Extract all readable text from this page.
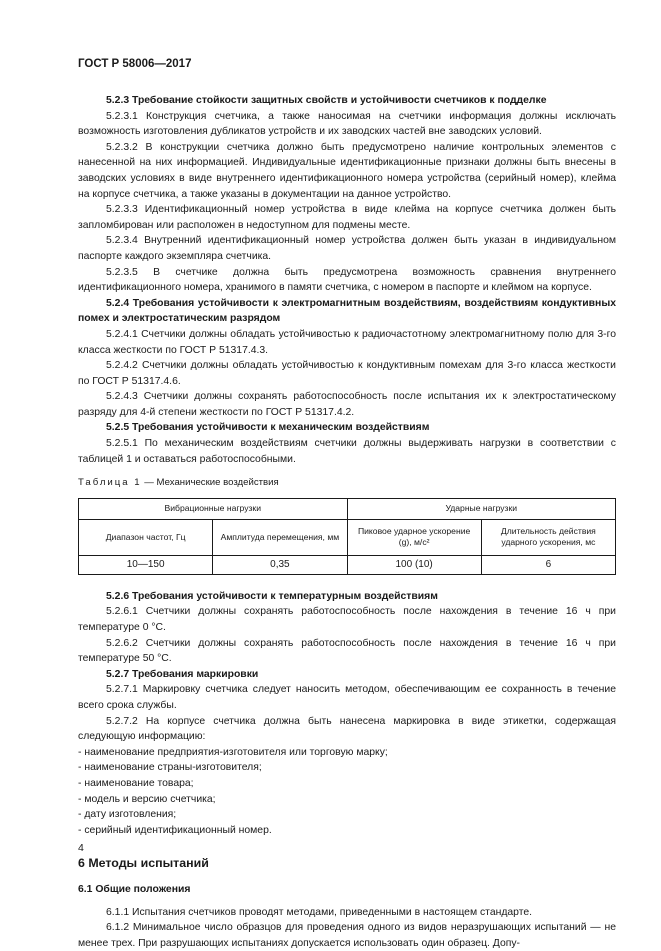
ГОСТ Р 58006—2017

5.2.3 Требование стойкости защитных свойств и устойчивости счетчиков к подделке

5.2.3.1 Конструкция счетчика, а также наносимая на счетчики информация должны исключать возможность изготовления дубликатов устройств и их заводских частей вне заводских условий.

5.2.3.2 В конструкции счетчика должно быть предусмотрено наличие контрольных элементов с нанесенной на них информацией. Индивидуальные идентификационные признаки должны быть внесены в заводских условиях в виде внутреннего идентификационного номера устройства (серийный номер), клейма на корпусе счетчика, а также указаны в документации на данное устройство.

5.2.3.3 Идентификационный номер устройства в виде клейма на корпусе счетчика должен быть запломбирован или расположен в недоступном для подмены месте.

5.2.3.4 Внутренний идентификационный номер устройства должен быть указан в индивидуальном паспорте каждого экземпляра счетчика.

5.2.3.5 В счетчике должна быть предусмотрена возможность сравнения внутреннего идентификационного номера, хранимого в памяти счетчика, с номером в паспорте и клеймом на корпусе.

5.2.4 Требования устойчивости к электромагнитным воздействиям, воздействиям кондуктивных помех и электростатическим разрядом

5.2.4.1 Счетчики должны обладать устойчивостью к радиочастотному электромагнитному полю для 3-го класса жесткости по ГОСТ Р 51317.4.3.

5.2.4.2 Счетчики должны обладать устойчивостью к кондуктивным помехам для 3-го класса жесткости по ГОСТ Р 51317.4.6.

5.2.4.3 Счетчики должны сохранять работоспособность после испытания их к электростатическому разряду для 4-й степени жесткости по ГОСТ Р 51317.4.2.

5.2.5 Требования устойчивости к механическим воздействиям

5.2.5.1 По механическим воздействиям счетчики должны выдерживать нагрузки в соответствии с таблицей 1 и оставаться работоспособными.

Таблица 1 — Механические воздействия
Вибрационные нагрузки		Ударные нагрузки	
Диапазон частот, Гц	Амплитуда перемещения, мм	Пиковое ударное ускорение (g), м/с²	Длительность действия ударного ускорения, мс
10—150	0,35	100 (10)	6

5.2.6 Требования устойчивости к температурным воздействиям

5.2.6.1 Счетчики должны сохранять работоспособность после нахождения в течение 16 ч при температуре 0 °С.

5.2.6.2 Счетчики должны сохранять работоспособность после нахождения в течение 16 ч при температуре 50 °С.

5.2.7 Требования маркировки

5.2.7.1 Маркировку счетчика следует наносить методом, обеспечивающим ее сохранность в течение всего срока службы.

5.2.7.2 На корпусе счетчика должна быть нанесена маркировка в виде этикетки, содержащая следующую информацию:

- наименование предприятия-изготовителя или торговую марку;

- наименование страны-изготовителя;

- наименование товара;

- модель и версию счетчика;

- дату изготовления;

- серийный идентификационный номер.

6 Методы испытаний
6.1 Общие положения

6.1.1 Испытания счетчиков проводят методами, приведенными в настоящем стандарте.

6.1.2 Минимальное число образцов для проведения одного из видов неразрушающих испытаний — не менее трех. При разрушающих испытаниях допускается использовать один образец. Допу-

4
